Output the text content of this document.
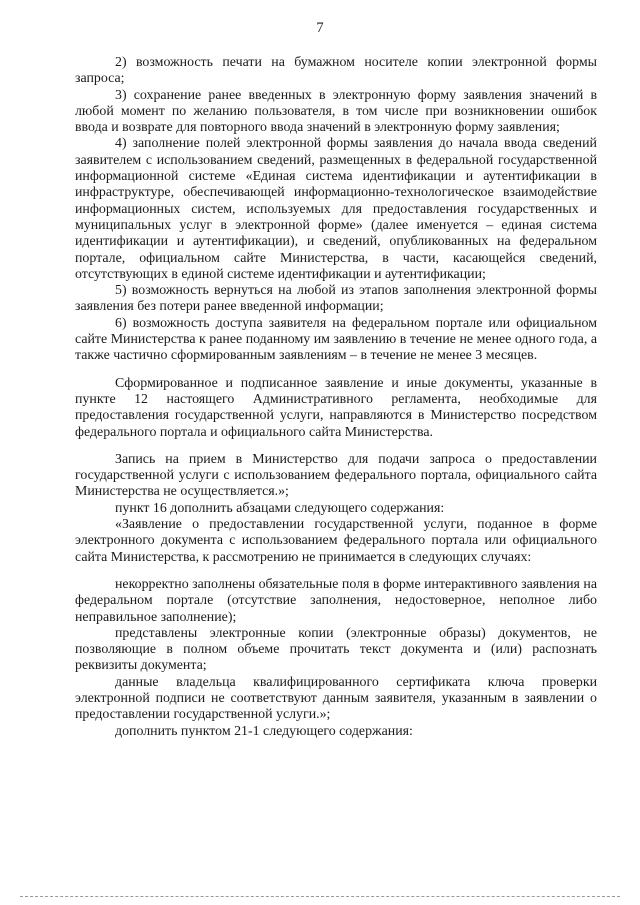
7

2) возможность печати на бумажном носителе копии электронной формы запроса;

3) сохранение ранее введенных в электронную форму заявления значений в любой момент по желанию пользователя, в том числе при возникновении ошибок ввода и возврате для повторного ввода значений в электронную форму заявления;

4) заполнение полей электронной формы заявления до начала ввода сведений заявителем с использованием сведений, размещенных в федеральной государственной информационной системе «Единая система идентификации и аутентификации в инфраструктуре, обеспечивающей информационно-технологическое взаимодействие информационных систем, используемых для предоставления государственных и муниципальных услуг в электронной форме» (далее именуется – единая система идентификации и аутентификации), и сведений, опубликованных на федеральном портале, официальном сайте Министерства, в части, касающейся сведений, отсутствующих в единой системе идентификации и аутентификации;

5) возможность вернуться на любой из этапов заполнения электронной формы заявления без потери ранее введенной информации;

6) возможность доступа заявителя на федеральном портале или официальном сайте Министерства к ранее поданному им заявлению в течение не менее одного года, а также частично сформированным заявлениям – в течение не менее 3 месяцев.

Сформированное и подписанное заявление и иные документы, указанные в пункте 12 настоящего Административного регламента, необходимые для предоставления государственной услуги, направляются в Министерство посредством федерального портала и официального сайта Министерства.

Запись на прием в Министерство для подачи запроса о предоставлении государственной услуги с использованием федерального портала, официального сайта Министерства не осуществляется.»;

пункт 16 дополнить абзацами следующего содержания:

«Заявление о предоставлении государственной услуги, поданное в форме электронного документа с использованием федерального портала или официального сайта Министерства, к рассмотрению не принимается в следующих случаях:

некорректно заполнены обязательные поля в форме интерактивного заявления на федеральном портале (отсутствие заполнения, недостоверное, неполное либо неправильное заполнение);

представлены электронные копии (электронные образы) документов, не позволяющие в полном объеме прочитать текст документа и (или) распознать реквизиты документа;

данные владельца квалифицированного сертификата ключа проверки электронной подписи не соответствуют данным заявителя, указанным в заявлении о предоставлении государственной услуги.»;

дополнить пунктом 21-1 следующего содержания:
